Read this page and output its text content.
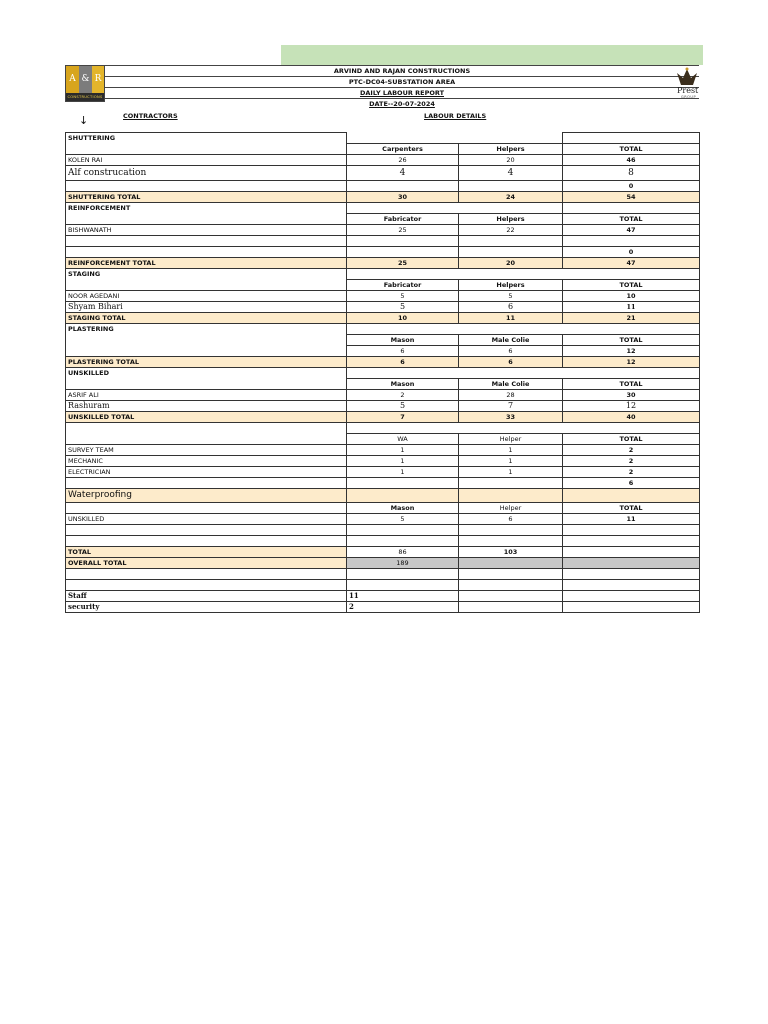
A & R
CONSTRUCTIONS
ARVIND AND RAJAN CONSTRUCTIONS
PTC-DC04-SUBSTATION AREA
DAILY LABOUR REPORT
DATE--20-07-2024
Prest
GROUP
↓	CONTRACTORS	LABOUR DETAILS
SHUTTERING			
	Carpenters	Helpers	TOTAL
KOLEN RAI	26	20	46
Alf construcation	4	4	8
			0
SHUTTERING TOTAL	30	24	54
REINFORCEMENT			
	Fabricator	Helpers	TOTAL
BISHWANATH	25	22	47

			0
REINFORCEMENT TOTAL	25	20	47
STAGING			
	Fabricator	Helpers	TOTAL
NOOR AGEDANI	5	5	10
Shyam Bihari	5	6	11
STAGING TOTAL	10	11	21
PLASTERING			
	Mason	Male Colie	TOTAL
	6	6	12
PLASTERING TOTAL	6	6	12
UNSKILLED			
	Mason	Male Colie	TOTAL
ASRIF ALI	2	28	30
Rashuram	5	7	12
UNSKILLED TOTAL	7	33	40

	WA	Helper	TOTAL
SURVEY TEAM	1	1	2
MECHANIC	1	1	2
ELECTRICIAN	1	1	2
			6
Waterproofing			
	Mason	Helper	TOTAL
UNSKILLED	5	6	11

TOTAL	86	103	
OVERALL TOTAL	189		

Staff	11		
security	2		
